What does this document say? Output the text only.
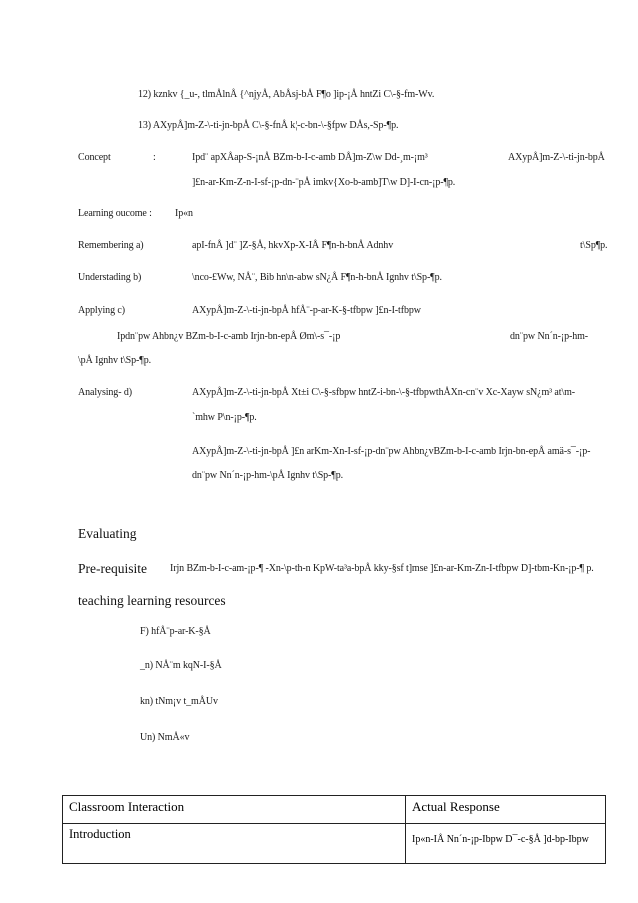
12) kznkv {_u-, tlmÅlnÅ {^njyÅ, AbÅsj-bÅ F¶o ]ip-¡Å hntZi C\-§-fm-Wv.
13) AXypÅ]m-Z-\-ti-jn-bpÅ C\-§-fnÅ k¦-c-bn-\-§fpw DÅs,-Sp-¶p.
Concept	:	Ipd¨ apXÅap-S-¡nÅ BZm-b-I-c-amb DÅ]m-Z\w Dd-¸m-¡m³	AXypÅ]m-Z-\-ti-jn-bpÅ
]£n-ar-Km-Z-n-I-sf-¡p-dn-¨pÅ imkv{Xo-b-amb]T\w D]-I-cn-¡p-¶p.
Learning oucome : Ip«n
Remembering a)	apI-fnÅ ]d¨ ]Z-§Å, hkvXp-X-IÅ F¶n-h-bnÅ Adnhv	t\Sp¶p.
Understading b)	\nco-£Ww, NÅ¨, Bib hn\n-abw sN¿Å F¶n-h-bnÅ Ignhv t\Sp-¶p.
Applying c)	AXypÅ]m-Z-\-ti-jn-bpÅ hfÅ¨-p-ar-K-§-tfbpw ]£n-I-tfbpw
Ipdn¨pw Ahbn¿v BZm-b-I-c-amb Irjn-bn-epÅ Øm\-s¯-¡p	dn¨pw Nn´n-¡p-hm-
\pÅ Ignhv t\Sp-¶p.
Analysing- d)	AXypÅ]m-Z-\-ti-jn-bpÅ Xt±i C\-§-sfbpw hntZ-i-bn-\-§-tfbpwthÅXn-cn¨v Xc-Xayw sN¿m³ at\m-
`mhw P\n-¡p-¶p.
AXypÅ]m-Z-\-ti-jn-bpÅ ]£n arKm-Xn-I-sf-¡p-dn¨pw Ahbn¿vBZm-b-I-c-amb Irjn-bn-epÅ amä-s¯-¡p-
dn¨pw Nn´n-¡p-hm-\pÅ Ignhv t\Sp-¶p.
Evaluating
Pre-requisite Irjn BZm-b-I-c-am-¡p-¶ -Xn-\p-th-n KpW-ta³a-bpÅ kky-§sf t]mse ]£n-ar-Km-Zn-I-tfbpw D]-tbm-Kn-¡p-¶ p.
teaching learning resources
F) hfÅ¨p-ar-K-§Å
_n) NÅ¨m kqN-I-§Å
kn) tNm¡v t_mÅUv
Un) NmÅ«v
Classroom Interaction	Actual Response
Introduction	Ip«n-IÅ Nn´n-¡p-Ibpw D¯-c-§Å ]d-bp-Ibpw
